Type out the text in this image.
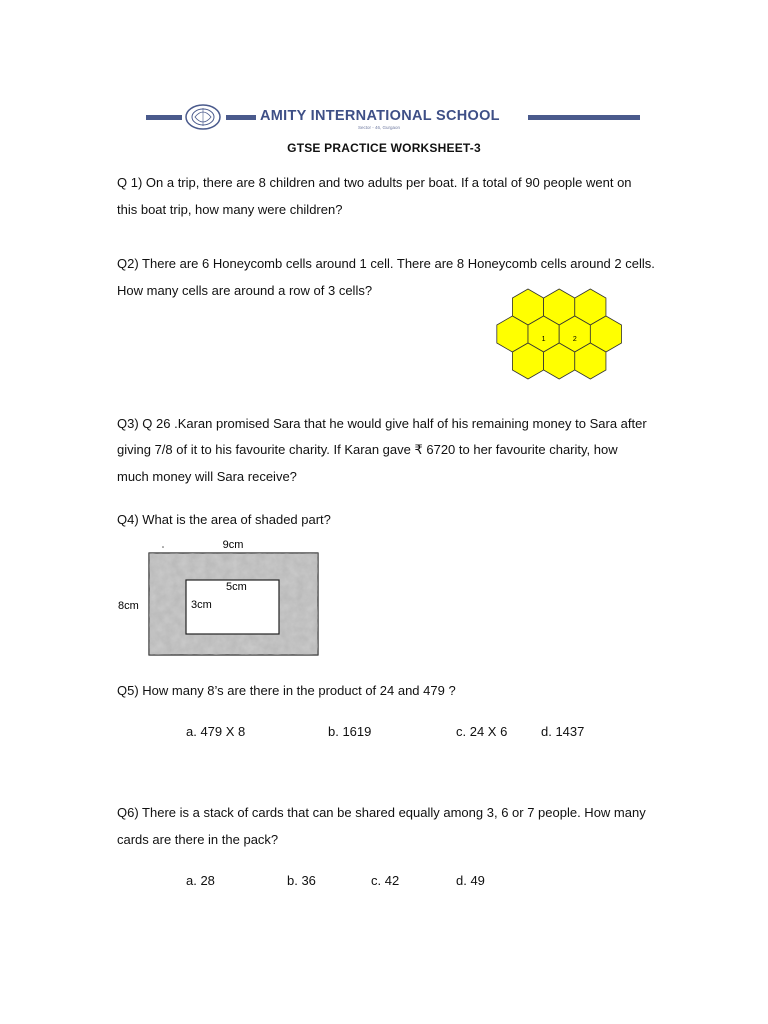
AMITY INTERNATIONAL SCHOOL
Sector - 46, Gurgaon
GTSE PRACTICE WORKSHEET-3
Q 1) On a trip, there are 8 children and two adults per boat. If a total of 90 people went on
this boat trip, how many were children?
Q2) There are 6 Honeycomb cells around 1 cell. There are 8 Honeycomb cells around 2 cells.
How many cells are around a row of 3 cells?
1	2
Q3) Q 26 .Karan promised Sara that he would give half of his remaining money to Sara after
giving 7/8 of it to his favourite charity. If Karan gave ₹ 6720 to her favourite charity, how
much money will Sara receive?
Q4) What is the area of shaded part?
9cm
8cm
5cm
3cm
Q5) How many 8’s are there in the product of 24 and 479 ?
a. 479 X 8	b. 1619	c. 24 X 6	d. 1437
Q6) There is a stack of cards that can be shared equally among 3, 6 or 7 people. How many
cards are there in the pack?
a. 28	b. 36	c. 42	d. 49
